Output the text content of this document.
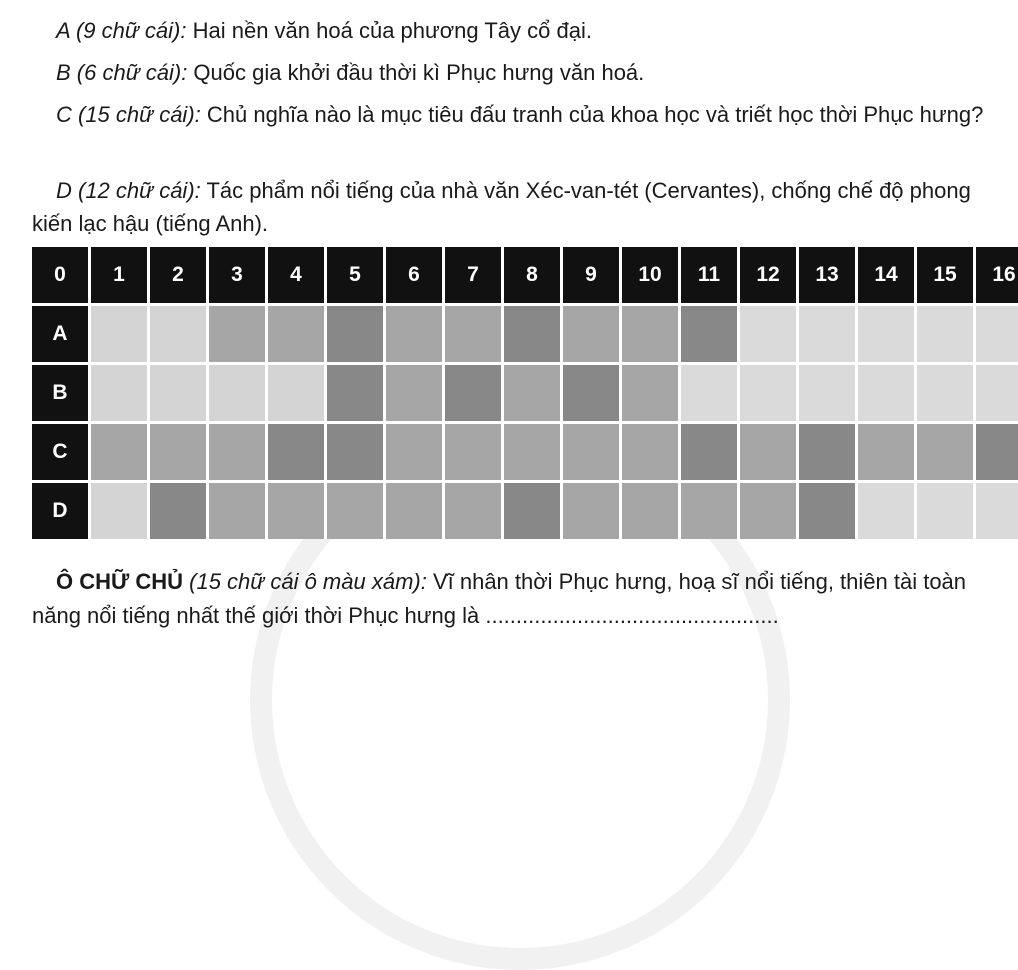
A (9 chữ cái): Hai nền văn hoá của phương Tây cổ đại.

B (6 chữ cái): Quốc gia khởi đầu thời kì Phục hưng văn hoá.

C (15 chữ cái): Chủ nghĩa nào là mục tiêu đấu tranh của khoa học và triết học thời Phục hưng?

D (12 chữ cái): Tác phẩm nổi tiếng của nhà văn Xéc-van-tét (Cervantes), chống chế độ phong kiến lạc hậu (tiếng Anh).

0	1	2	3	4	5	6	7	8	9	10	11	12	13	14	15	16
A
B
C
D

Ô CHỮ CHỦ (15 chữ cái ô màu xám): Vĩ nhân thời Phục hưng, hoạ sĩ nổi tiếng, thiên tài toàn năng nổi tiếng nhất thế giới thời Phục hưng là ................................................
